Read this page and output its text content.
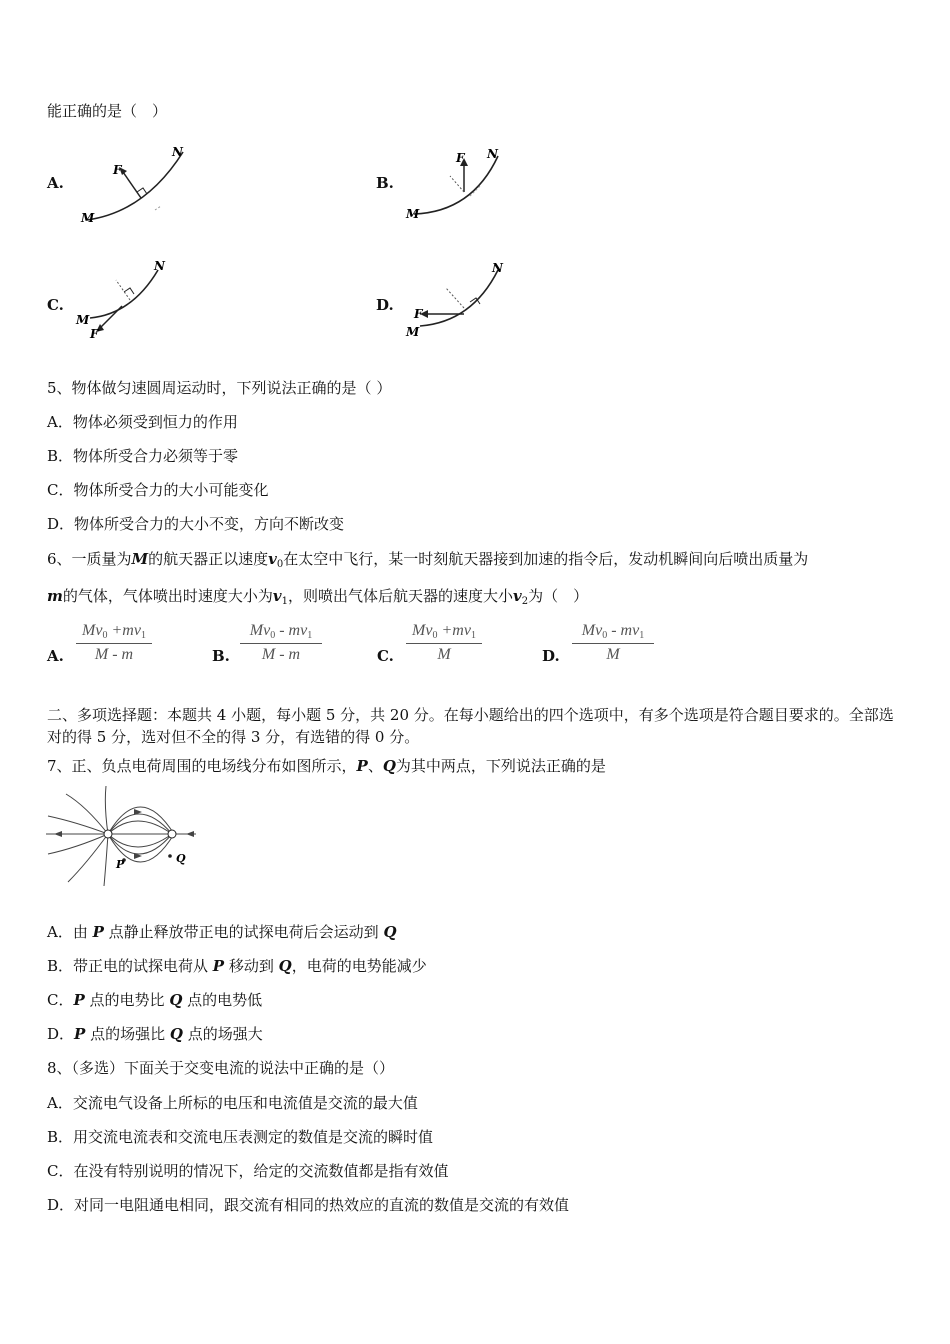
能正确的是（　）
A.
F
M
N
B.
F
M
N
C.
M
F
N
D. F
M
N
5、物体做匀速圆周运动时，下列说法正确的是（ ）
A．物体必须受到恒力的作用
B．物体所受合力必须等于零
C．物体所受合力的大小可能变化
D．物体所受合力的大小不变，方向不断改变
6、一质量为M的航天器正以速度$v_0$在太空中飞行，某一时刻航天器接到加速的指令后，发动机瞬间向后喷出质量为
m的气体，气体喷出时速度大小为$v_1$，则喷出气体后航天器的速度大小$v_2$为（　）
A. $\frac{Mv0 +mv1}{M - m}$	B. $\frac{Mv0 - mv1}{M - m}$	C. $\frac{Mv0 +mv1}{M}$	D. $\frac{Mv0 - mv1}{M}$
二、多项选择题：本题共 4 小题，每小题 5 分，共 20 分。在每小题给出的四个选项中，有多个选项是符合题目要求的。全部选对的得 5 分，选对但不全的得 3 分，有选错的得 0 分。
7、正、负点电荷周围的电场线分布如图所示，P、Q为其中两点，下列说法正确的是
P	Q
A．由 P 点静止释放带正电的试探电荷后会运动到 Q
B．带正电的试探电荷从 P 移动到 Q，电荷的电势能减少
C．P 点的电势比 Q 点的电势低
D．P 点的场强比 Q 点的场强大
8、（多选）下面关于交变电流的说法中正确的是（）
A．交流电气设备上所标的电压和电流值是交流的最大值
B．用交流电流表和交流电压表测定的数值是交流的瞬时值
C．在没有特别说明的情况下，给定的交流数值都是指有效值
D．对同一电阻通电相同，跟交流有相同的热效应的直流的数值是交流的有效值
